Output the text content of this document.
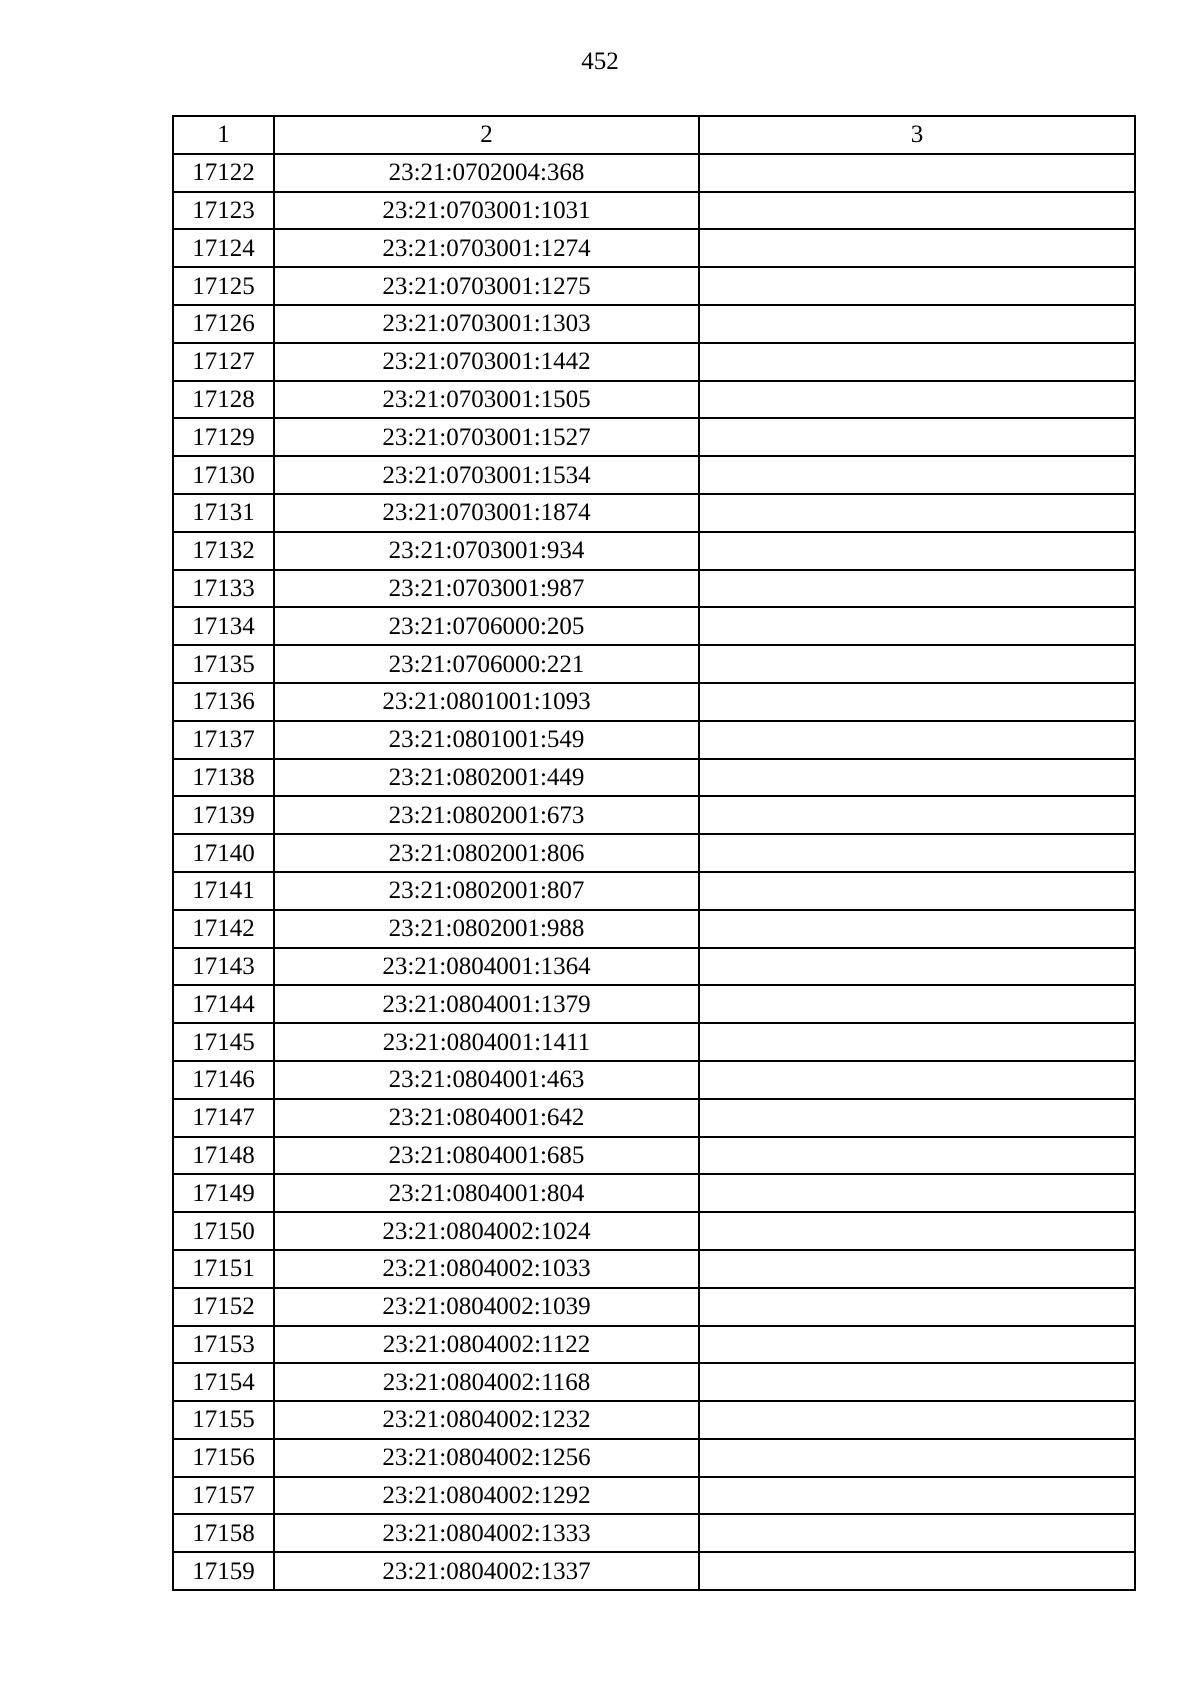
452
1	2	3
17122	23:21:0702004:368	
17123	23:21:0703001:1031	
17124	23:21:0703001:1274	
17125	23:21:0703001:1275	
17126	23:21:0703001:1303	
17127	23:21:0703001:1442	
17128	23:21:0703001:1505	
17129	23:21:0703001:1527	
17130	23:21:0703001:1534	
17131	23:21:0703001:1874	
17132	23:21:0703001:934	
17133	23:21:0703001:987	
17134	23:21:0706000:205	
17135	23:21:0706000:221	
17136	23:21:0801001:1093	
17137	23:21:0801001:549	
17138	23:21:0802001:449	
17139	23:21:0802001:673	
17140	23:21:0802001:806	
17141	23:21:0802001:807	
17142	23:21:0802001:988	
17143	23:21:0804001:1364	
17144	23:21:0804001:1379	
17145	23:21:0804001:1411	
17146	23:21:0804001:463	
17147	23:21:0804001:642	
17148	23:21:0804001:685	
17149	23:21:0804001:804	
17150	23:21:0804002:1024	
17151	23:21:0804002:1033	
17152	23:21:0804002:1039	
17153	23:21:0804002:1122	
17154	23:21:0804002:1168	
17155	23:21:0804002:1232	
17156	23:21:0804002:1256	
17157	23:21:0804002:1292	
17158	23:21:0804002:1333	
17159	23:21:0804002:1337	
